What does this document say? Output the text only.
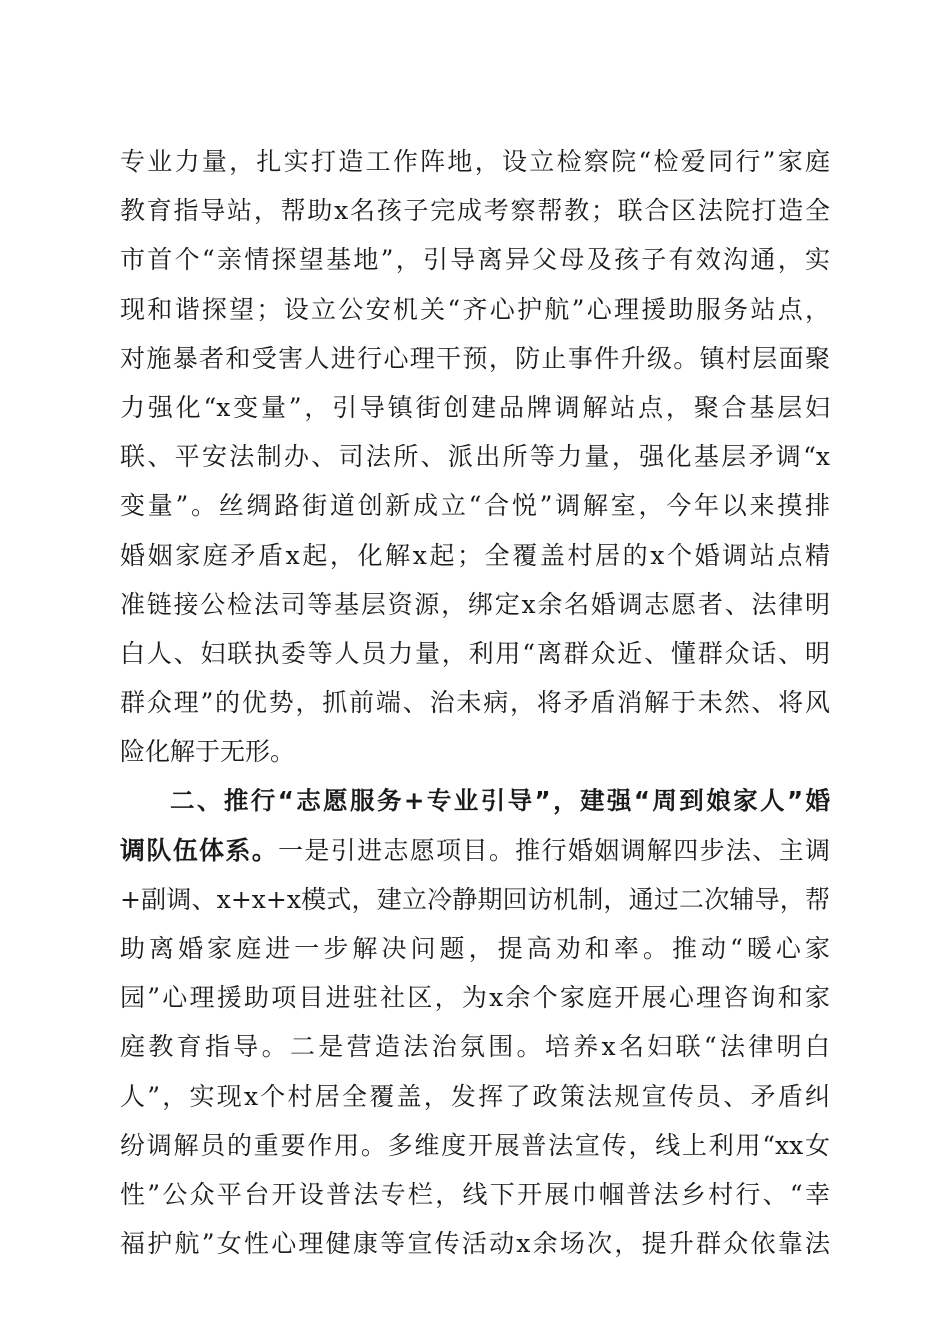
专业力量，扎实打造工作阵地，设立检察院“检爱同行”家庭
教育指导站，帮助x名孩子完成考察帮教；联合区法院打造全
市首个“亲情探望基地”，引导离异父母及孩子有效沟通，实
现和谐探望；设立公安机关“齐心护航”心理援助服务站点，
对施暴者和受害人进行心理干预，防止事件升级。镇村层面聚
力强化“x变量”，引导镇街创建品牌调解站点，聚合基层妇
联、平安法制办、司法所、派出所等力量，强化基层矛调“x
变量”。丝绸路街道创新成立“合悦”调解室，今年以来摸排
婚姻家庭矛盾x起，化解x起；全覆盖村居的x个婚调站点精
准链接公检法司等基层资源，绑定x余名婚调志愿者、法律明
白人、妇联执委等人员力量，利用“离群众近、懂群众话、明
群众理”的优势，抓前端、治未病，将矛盾消解于未然、将风
险化解于无形。
二、推行“志愿服务+专业引导”，建强“周到娘家人”婚
调队伍体系。一是引进志愿项目。推行婚姻调解四步法、主调
+副调、x+x+x模式，建立冷静期回访机制，通过二次辅导，帮
助离婚家庭进一步解决问题，提高劝和率。推动“暖心家
园”心理援助项目进驻社区，为x余个家庭开展心理咨询和家
庭教育指导。二是营造法治氛围。培养x名妇联“法律明白
人”，实现x个村居全覆盖，发挥了政策法规宣传员、矛盾纠
纷调解员的重要作用。多维度开展普法宣传，线上利用“xx女
性”公众平台开设普法专栏，线下开展巾帼普法乡村行、“幸
福护航”女性心理健康等宣传活动x余场次，提升群众依靠法
